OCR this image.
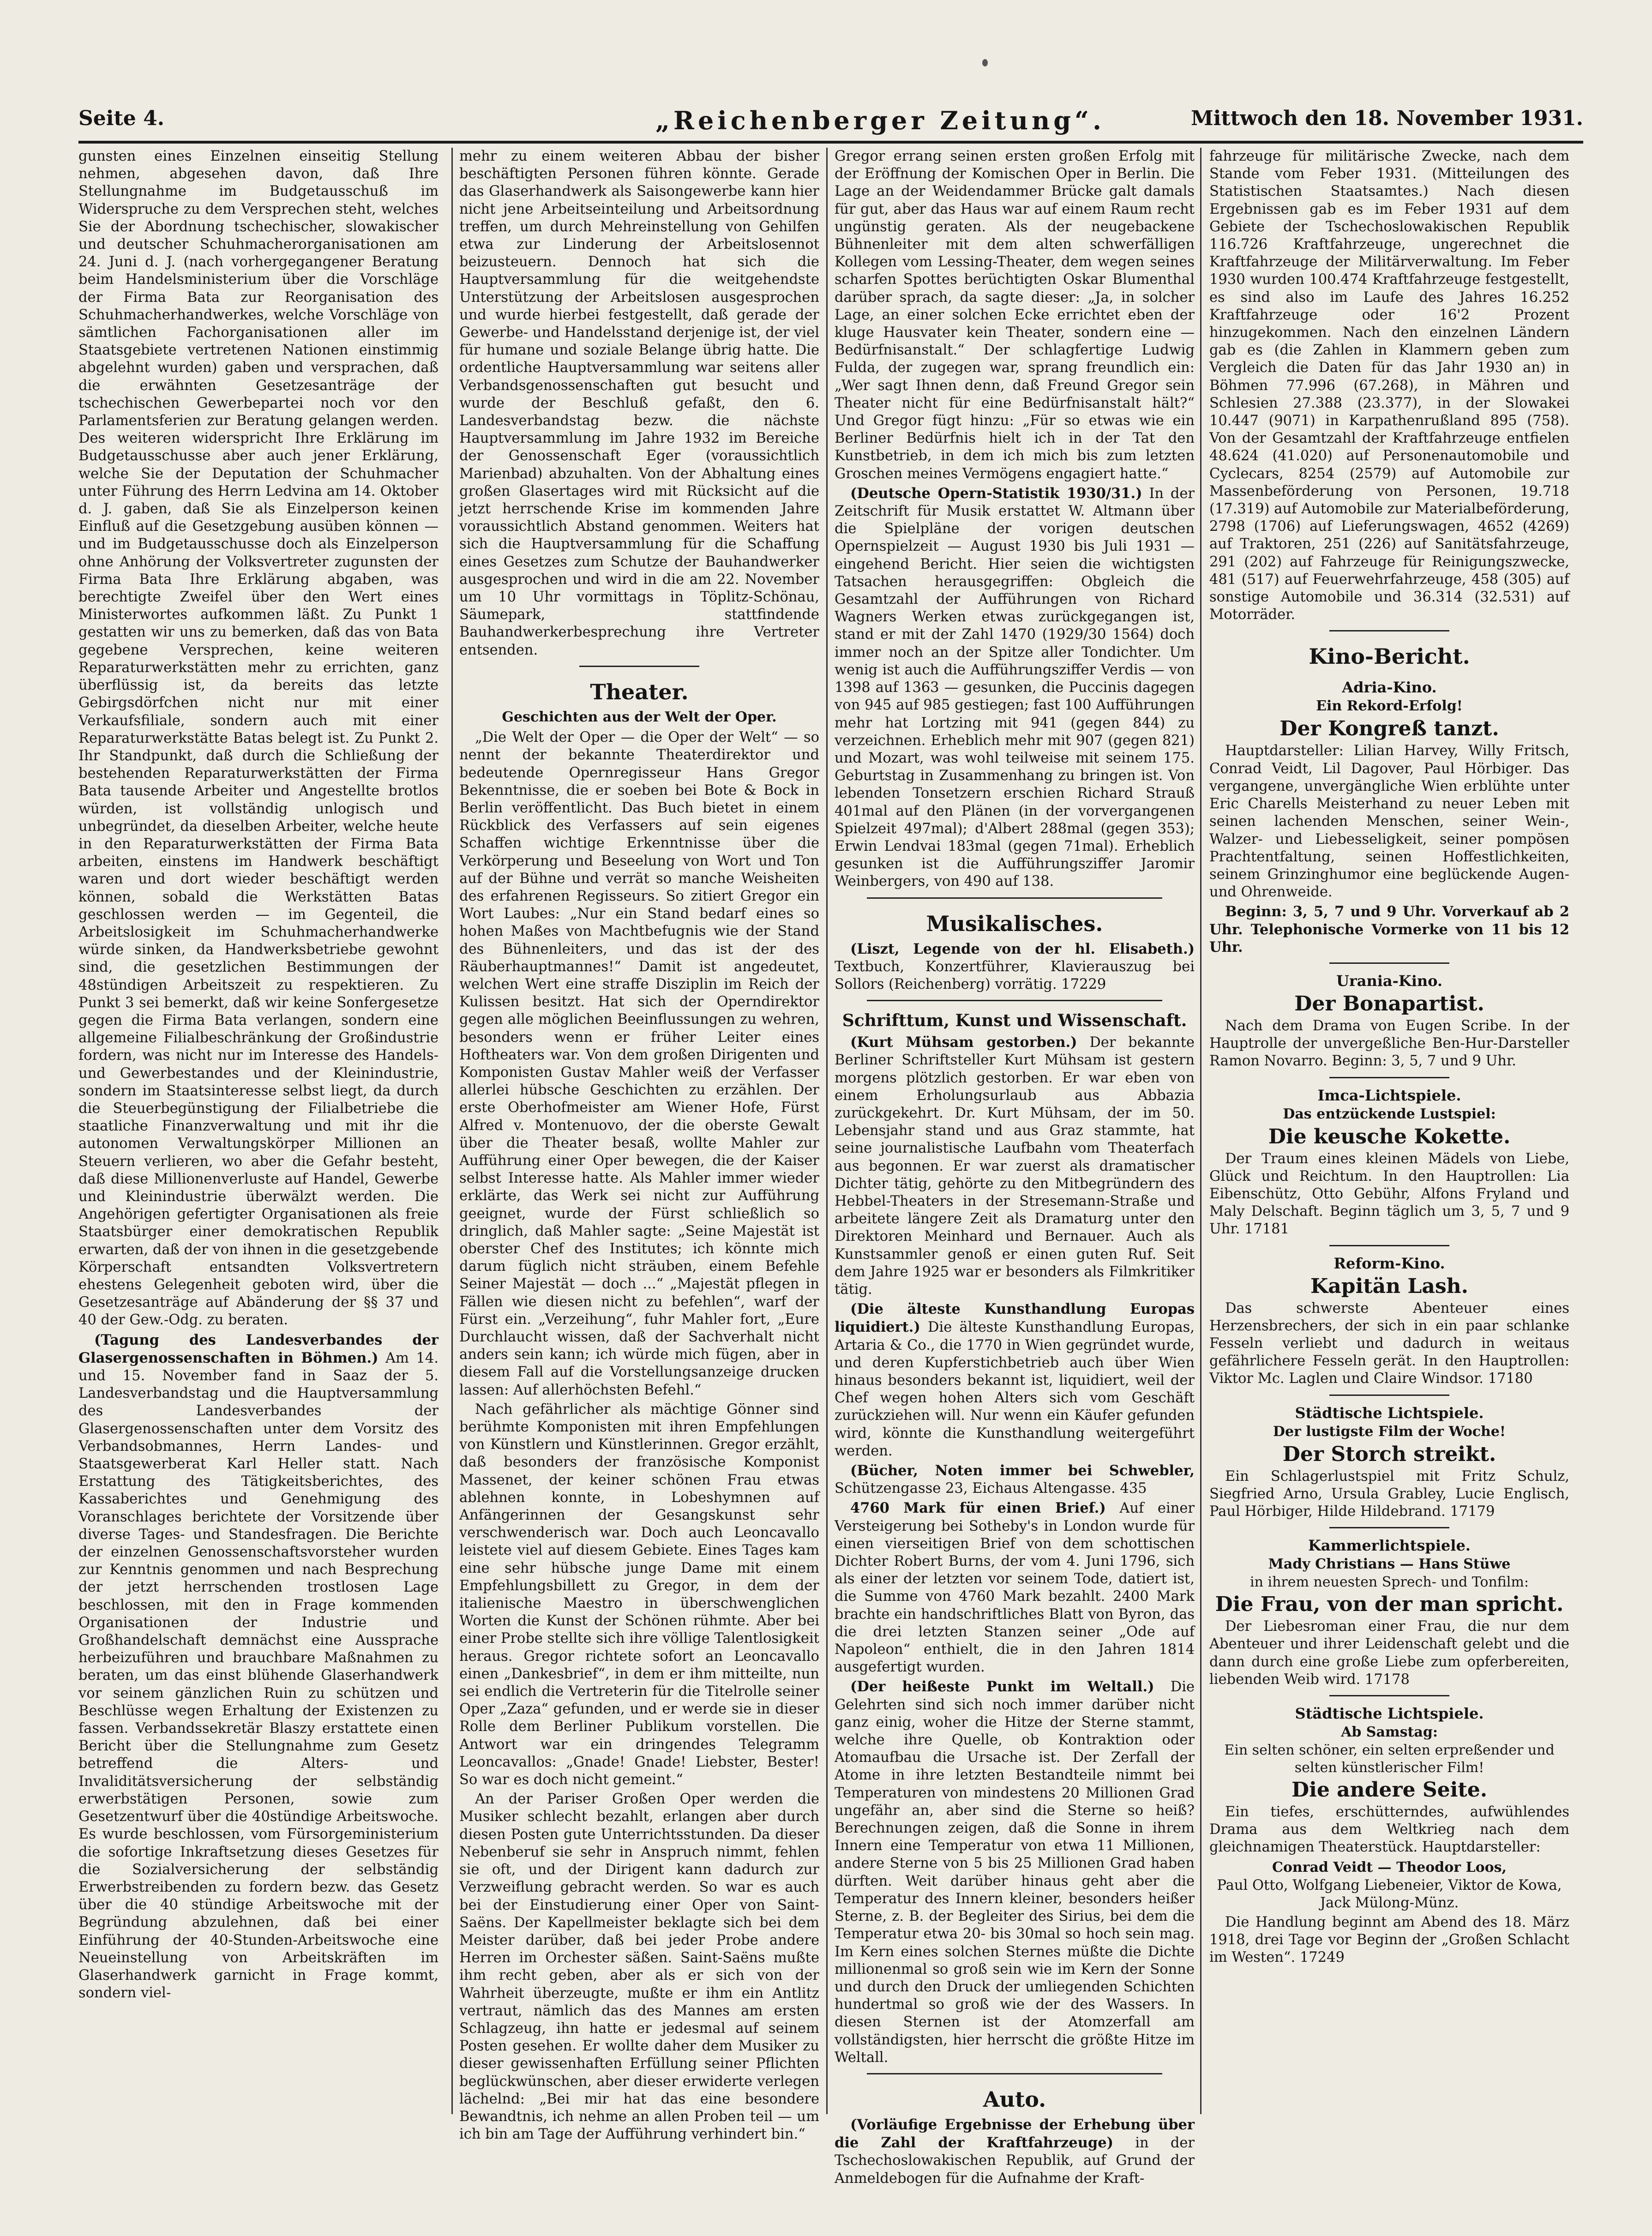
Seite 4.	„Reichenberger Zeitung“.	Mittwoch den 18. November 1931.

gunsten eines Einzelnen einseitig Stellung nehmen, abgesehen davon, daß Ihre Stellungnahme im Budgetausschuß im Widerspruche zu dem Versprechen steht, welches Sie der Abordnung tschechischer, slowakischer und deutscher Schuhmacherorganisationen am 24. Juni d. J. (nach vorhergegangener Beratung beim Handelsministerium über die Vorschläge der Firma Bata zur Reorganisation des Schuhmacherhandwerkes, welche Vorschläge von sämtlichen Fachorganisationen aller im Staatsgebiete vertretenen Nationen einstimmig abgelehnt wurden) gaben und versprachen, daß die erwähnten Gesetzesanträge der tschechischen Gewerbepartei noch vor den Parlamentsferien zur Beratung gelangen werden. Des weiteren widerspricht Ihre Erklärung im Budgetausschusse aber auch jener Erklärung, welche Sie der Deputation der Schuhmacher unter Führung des Herrn Ledvina am 14. Oktober d. J. gaben, daß Sie als Einzelperson keinen Einfluß auf die Gesetzgebung ausüben können — und im Budgetausschusse doch als Einzelperson ohne Anhörung der Volksvertreter zugunsten der Firma Bata Ihre Erklärung abgaben, was berechtigte Zweifel über den Wert eines Ministerwortes aufkommen läßt. Zu Punkt 1 gestatten wir uns zu bemerken, daß das von Bata gegebene Versprechen, keine weiteren Reparaturwerkstätten mehr zu errichten, ganz überflüssig ist, da bereits das letzte Gebirgsdörfchen nicht nur mit einer Verkaufsfiliale, sondern auch mit einer Reparaturwerkstätte Batas belegt ist. Zu Punkt 2. Ihr Standpunkt, daß durch die Schließung der bestehenden Reparaturwerkstätten der Firma Bata tausende Arbeiter und Angestellte brotlos würden, ist vollständig unlogisch und unbegründet, da dieselben Arbeiter, welche heute in den Reparaturwerkstätten der Firma Bata arbeiten, einstens im Handwerk beschäftigt waren und dort wieder beschäftigt werden können, sobald die Werkstätten Batas geschlossen werden — im Gegenteil, die Arbeitslosigkeit im Schuhmacherhandwerke würde sinken, da Handwerksbetriebe gewohnt sind, die gesetzlichen Bestimmungen der 48stündigen Arbeitszeit zu respektieren. Zu Punkt 3 sei bemerkt, daß wir keine Sonfergesetze gegen die Firma Bata verlangen, sondern eine allgemeine Filialbeschränkung der Großindustrie fordern, was nicht nur im Interesse des Handels- und Gewerbestandes und der Kleinindustrie, sondern im Staatsinteresse selbst liegt, da durch die Steuerbegünstigung der Filialbetriebe die staatliche Finanzverwaltung und mit ihr die autonomen Verwaltungskörper Millionen an Steuern verlieren, wo aber die Gefahr besteht, daß diese Millionenverluste auf Handel, Gewerbe und Kleinindustrie überwälzt werden. Die Angehörigen gefertigter Organisationen als freie Staatsbürger einer demokratischen Republik erwarten, daß der von ihnen in die gesetzgebende Körperschaft entsandten Volksvertretern ehestens Gelegenheit geboten wird, über die Gesetzesanträge auf Abänderung der §§ 37 und 40 der Gew.-Odg. zu beraten.

(Tagung des Landesverbandes der Glasergenossenschaften in Böhmen.) Am 14. und 15. November fand in Saaz der 5. Landesverbandstag und die Hauptversammlung des Landesverbandes der Glasergenossenschaften unter dem Vorsitz des Verbandsobmannes, Herrn Landes- und Staatsgewerberat Karl Heller statt. Nach Erstattung des Tätigkeitsberichtes, des Kassaberichtes und Genehmigung des Voranschlages berichtete der Vorsitzende über diverse Tages- und Standesfragen. Die Berichte der einzelnen Genossenschaftsvorsteher wurden zur Kenntnis genommen und nach Besprechung der jetzt herrschenden trostlosen Lage beschlossen, mit den in Frage kommenden Organisationen der Industrie und Großhandelschaft demnächst eine Aussprache herbeizuführen und brauchbare Maßnahmen zu beraten, um das einst blühende Glaserhandwerk vor seinem gänzlichen Ruin zu schützen und Beschlüsse wegen Erhaltung der Existenzen zu fassen. Verbandssekretär Blaszy erstattete einen Bericht über die Stellungnahme zum Gesetz betreffend die Alters- und Invaliditätsversicherung der selbständig erwerbstätigen Personen, sowie zum Gesetzentwurf über die 40stündige Arbeitswoche. Es wurde beschlossen, vom Fürsorgeministerium die sofortige Inkraftsetzung dieses Gesetzes für die Sozialversicherung der selbständig Erwerbstreibenden zu fordern bezw. das Gesetz über die 40 stündige Arbeitswoche mit der Begründung abzulehnen, daß bei einer Einführung der 40-Stunden-Arbeitswoche eine Neueinstellung von Arbeitskräften im Glaserhandwerk garnicht in Frage kommt, sondern viel-

mehr zu einem weiteren Abbau der bisher beschäftigten Personen führen könnte. Gerade das Glaserhandwerk als Saisongewerbe kann hier nicht jene Arbeitseinteilung und Arbeitsordnung treffen, um durch Mehreinstellung von Gehilfen etwa zur Linderung der Arbeitslosennot beizusteuern. Dennoch hat sich die Hauptversammlung für die weitgehendste Unterstützung der Arbeitslosen ausgesprochen und wurde hierbei festgestellt, daß gerade der Gewerbe- und Handelsstand derjenige ist, der viel für humane und soziale Belange übrig hatte. Die ordentliche Hauptversammlung war seitens aller Verbandsgenossenschaften gut besucht und wurde der Beschluß gefaßt, den 6. Landesverbandstag bezw. die nächste Hauptversammlung im Jahre 1932 im Bereiche der Genossenschaft Eger (voraussichtlich Marienbad) abzuhalten. Von der Abhaltung eines großen Glasertages wird mit Rücksicht auf die jetzt herrschende Krise im kommenden Jahre voraussichtlich Abstand genommen. Weiters hat sich die Hauptversammlung für die Schaffung eines Gesetzes zum Schutze der Bauhandwerker ausgesprochen und wird in die am 22. November um 10 Uhr vormittags in Töplitz-Schönau, Säumepark, stattfindende Bauhandwerkerbesprechung ihre Vertreter entsenden.

Theater.
Geschichten aus der Welt der Oper.

„Die Welt der Oper — die Oper der Welt“ — so nennt der bekannte Theaterdirektor und bedeutende Opernregisseur Hans Gregor Bekenntnisse, die er soeben bei Bote & Bock in Berlin veröffentlicht. Das Buch bietet in einem Rückblick des Verfassers auf sein eigenes Schaffen wichtige Erkenntnisse über die Verkörperung und Beseelung von Wort und Ton auf der Bühne und verrät so manche Weisheiten des erfahrenen Regisseurs. So zitiert Gregor ein Wort Laubes: „Nur ein Stand bedarf eines so hohen Maßes von Machtbefugnis wie der Stand des Bühnenleiters, und das ist der des Räuberhauptmannes!“ Damit ist angedeutet, welchen Wert eine straffe Disziplin im Reich der Kulissen besitzt. Hat sich der Operndirektor gegen alle möglichen Beeinflussungen zu wehren, besonders wenn er früher Leiter eines Hoftheaters war. Von dem großen Dirigenten und Komponisten Gustav Mahler weiß der Verfasser allerlei hübsche Geschichten zu erzählen. Der erste Oberhofmeister am Wiener Hofe, Fürst Alfred v. Montenuovo, der die oberste Gewalt über die Theater besaß, wollte Mahler zur Aufführung einer Oper bewegen, die der Kaiser selbst Interesse hatte. Als Mahler immer wieder erklärte, das Werk sei nicht zur Aufführung geeignet, wurde der Fürst schließlich so dringlich, daß Mahler sagte: „Seine Majestät ist oberster Chef des Institutes; ich könnte mich darum füglich nicht sträuben, einem Befehle Seiner Majestät — doch ...“ „Majestät pflegen in Fällen wie diesen nicht zu befehlen“, warf der Fürst ein. „Verzeihung“, fuhr Mahler fort, „Eure Durchlaucht wissen, daß der Sachverhalt nicht anders sein kann; ich würde mich fügen, aber in diesem Fall auf die Vorstellungsanzeige drucken lassen: Auf allerhöchsten Befehl.“

Nach gefährlicher als mächtige Gönner sind berühmte Komponisten mit ihren Empfehlungen von Künstlern und Künstlerinnen. Gregor erzählt, daß besonders der französische Komponist Massenet, der keiner schönen Frau etwas ablehnen konnte, in Lobeshymnen auf Anfängerinnen der Gesangskunst sehr verschwenderisch war. Doch auch Leoncavallo leistete viel auf diesem Gebiete. Eines Tages kam eine sehr hübsche junge Dame mit einem Empfehlungsbillett zu Gregor, in dem der italienische Maestro in überschwenglichen Worten die Kunst der Schönen rühmte. Aber bei einer Probe stellte sich ihre völlige Talentlosigkeit heraus. Gregor richtete sofort an Leoncavallo einen „Dankesbrief“, in dem er ihm mitteilte, nun sei endlich die Vertreterin für die Titelrolle seiner Oper „Zaza“ gefunden, und er werde sie in dieser Rolle dem Berliner Publikum vorstellen. Die Antwort war ein dringendes Telegramm Leoncavallos: „Gnade! Gnade! Liebster, Bester! So war es doch nicht gemeint.“

An der Pariser Großen Oper werden die Musiker schlecht bezahlt, erlangen aber durch diesen Posten gute Unterrichtsstunden. Da dieser Nebenberuf sie sehr in Anspruch nimmt, fehlen sie oft, und der Dirigent kann dadurch zur Verzweiflung gebracht werden. So war es auch bei der Einstudierung einer Oper von Saint-Saëns. Der Kapellmeister beklagte sich bei dem Meister darüber, daß bei jeder Probe andere Herren im Orchester säßen. Saint-Saëns mußte ihm recht geben, aber als er sich von der Wahrheit überzeugte, mußte er ihm ein Antlitz vertraut, nämlich das des Mannes am ersten Schlagzeug, ihn hatte er jedesmal auf seinem Posten gesehen. Er wollte daher dem Musiker zu dieser gewissenhaften Erfüllung seiner Pflichten beglückwünschen, aber dieser erwiderte verlegen lächelnd: „Bei mir hat das eine besondere Bewandtnis, ich nehme an allen Proben teil — um ich bin am Tage der Aufführung verhindert bin.“

Gregor errang seinen ersten großen Erfolg mit der Eröffnung der Komischen Oper in Berlin. Die Lage an der Weidendammer Brücke galt damals für gut, aber das Haus war auf einem Raum recht ungünstig geraten. Als der neugebackene Bühnenleiter mit dem alten schwerfälligen Kollegen vom Lessing-Theater, dem wegen seines scharfen Spottes berüchtigten Oskar Blumenthal darüber sprach, da sagte dieser: „Ja, in solcher Lage, an einer solchen Ecke errichtet eben der kluge Hausvater kein Theater, sondern eine — Bedürfnisanstalt.“ Der schlagfertige Ludwig Fulda, der zugegen war, sprang freundlich ein: „Wer sagt Ihnen denn, daß Freund Gregor sein Theater nicht für eine Bedürfnisanstalt hält?“ Und Gregor fügt hinzu: „Für so etwas wie ein Berliner Bedürfnis hielt ich in der Tat den Kunstbetrieb, in dem ich mich bis zum letzten Groschen meines Vermögens engagiert hatte.“

(Deutsche Opern-Statistik 1930/31.) In der Zeitschrift für Musik erstattet W. Altmann über die Spielpläne der vorigen deutschen Opernspielzeit — August 1930 bis Juli 1931 — eingehend Bericht. Hier seien die wichtigsten Tatsachen herausgegriffen: Obgleich die Gesamtzahl der Aufführungen von Richard Wagners Werken etwas zurückgegangen ist, stand er mit der Zahl 1470 (1929/30 1564) doch immer noch an der Spitze aller Tondichter. Um wenig ist auch die Aufführungsziffer Verdis — von 1398 auf 1363 — gesunken, die Puccinis dagegen von 945 auf 985 gestiegen; fast 100 Aufführungen mehr hat Lortzing mit 941 (gegen 844) zu verzeichnen. Erheblich mehr mit 907 (gegen 821) und Mozart, was wohl teilweise mit seinem 175. Geburtstag in Zusammenhang zu bringen ist. Von lebenden Tonsetzern erschien Richard Strauß 401mal auf den Plänen (in der vorvergangenen Spielzeit 497mal); d'Albert 288mal (gegen 353); Erwin Lendvai 183mal (gegen 71mal). Erheblich gesunken ist die Aufführungsziffer Jaromir Weinbergers, von 490 auf 138.

Musikalisches.

(Liszt, Legende von der hl. Elisabeth.) Textbuch, Konzertführer, Klavierauszug bei Sollors (Reichenberg) vorrätig. 17229

Schrifttum, Kunst und Wissenschaft.

(Kurt Mühsam gestorben.) Der bekannte Berliner Schriftsteller Kurt Mühsam ist gestern morgens plötzlich gestorben. Er war eben von einem Erholungsurlaub aus Abbazia zurückgekehrt. Dr. Kurt Mühsam, der im 50. Lebensjahr stand und aus Graz stammte, hat seine journalistische Laufbahn vom Theaterfach aus begonnen. Er war zuerst als dramatischer Dichter tätig, gehörte zu den Mitbegründern des Hebbel-Theaters in der Stresemann-Straße und arbeitete längere Zeit als Dramaturg unter den Direktoren Meinhard und Bernauer. Auch als Kunstsammler genoß er einen guten Ruf. Seit dem Jahre 1925 war er besonders als Filmkritiker tätig.

(Die älteste Kunsthandlung Europas liquidiert.) Die älteste Kunsthandlung Europas, Artaria & Co., die 1770 in Wien gegründet wurde, und deren Kupferstichbetrieb auch über Wien hinaus besonders bekannt ist, liquidiert, weil der Chef wegen hohen Alters sich vom Geschäft zurückziehen will. Nur wenn ein Käufer gefunden wird, könnte die Kunsthandlung weitergeführt werden.

(Bücher, Noten immer bei Schwebler, Schützengasse 23, Eichaus Altengasse. 435

4760 Mark für einen Brief.) Auf einer Versteigerung bei Sotheby's in London wurde für einen vierseitigen Brief von dem schottischen Dichter Robert Burns, der vom 4. Juni 1796, sich als einer der letzten vor seinem Tode, datiert ist, die Summe von 4760 Mark bezahlt. 2400 Mark brachte ein handschriftliches Blatt von Byron, das die drei letzten Stanzen seiner „Ode auf Napoleon“ enthielt, die in den Jahren 1814 ausgefertigt wurden.

(Der heißeste Punkt im Weltall.) Die Gelehrten sind sich noch immer darüber nicht ganz einig, woher die Hitze der Sterne stammt, welche ihre Quelle, ob Kontraktion oder Atomaufbau die Ursache ist. Der Zerfall der Atome in ihre letzten Bestandteile nimmt bei Temperaturen von mindestens 20 Millionen Grad ungefähr an, aber sind die Sterne so heiß? Berechnungen zeigen, daß die Sonne in ihrem Innern eine Temperatur von etwa 11 Millionen, andere Sterne von 5 bis 25 Millionen Grad haben dürften. Weit darüber hinaus geht aber die Temperatur des Innern kleiner, besonders heißer Sterne, z. B. der Begleiter des Sirius, bei dem die Temperatur etwa 20- bis 30mal so hoch sein mag. Im Kern eines solchen Sternes müßte die Dichte millionenmal so groß sein wie im Kern der Sonne und durch den Druck der umliegenden Schichten hundertmal so groß wie der des Wassers. In diesen Sternen ist der Atomzerfall am vollständigsten, hier herrscht die größte Hitze im Weltall.

Auto.

(Vorläufige Ergebnisse der Erhebung über die Zahl der Kraftfahrzeuge) in der Tschechoslowakischen Republik, auf Grund der Anmeldebogen für die Aufnahme der Kraft-

fahrzeuge für militärische Zwecke, nach dem Stande vom Feber 1931. (Mitteilungen des Statistischen Staatsamtes.) Nach diesen Ergebnissen gab es im Feber 1931 auf dem Gebiete der Tschechoslowakischen Republik 116.726 Kraftfahrzeuge, ungerechnet die Kraftfahrzeuge der Militärverwaltung. Im Feber 1930 wurden 100.474 Kraftfahrzeuge festgestellt, es sind also im Laufe des Jahres 16.252 Kraftfahrzeuge oder 16'2 Prozent hinzugekommen. Nach den einzelnen Ländern gab es (die Zahlen in Klammern geben zum Vergleich die Daten für das Jahr 1930 an) in Böhmen 77.996 (67.268), in Mähren und Schlesien 27.388 (23.377), in der Slowakei 10.447 (9071) in Karpathenrußland 895 (758). Von der Gesamtzahl der Kraftfahrzeuge entfielen 48.624 (41.020) auf Personenautomobile und Cyclecars, 8254 (2579) auf Automobile zur Massenbeförderung von Personen, 19.718 (17.319) auf Automobile zur Materialbeförderung, 2798 (1706) auf Lieferungswagen, 4652 (4269) auf Traktoren, 251 (226) auf Sanitätsfahrzeuge, 291 (202) auf Fahrzeuge für Reinigungszwecke, 481 (517) auf Feuerwehrfahrzeuge, 458 (305) auf sonstige Automobile und 36.314 (32.531) auf Motorräder.

Kino-Bericht.
Adria-Kino.
Ein Rekord-Erfolg!
Der Kongreß tanzt.

Hauptdarsteller: Lilian Harvey, Willy Fritsch, Conrad Veidt, Lil Dagover, Paul Hörbiger. Das vergangene, unvergängliche Wien erblühte unter Eric Charells Meisterhand zu neuer Leben mit seinen lachenden Menschen, seiner Wein-, Walzer- und Liebesseligkeit, seiner pompösen Prachtentfaltung, seinen Hoffestlichkeiten, seinem Grinzinghumor eine beglückende Augen- und Ohrenweide.

Beginn: 3, 5, 7 und 9 Uhr. Vorverkauf ab 2 Uhr. Telephonische Vormerke von 11 bis 12 Uhr.

Urania-Kino.
Der Bonapartist.

Nach dem Drama von Eugen Scribe. In der Hauptrolle der unvergeßliche Ben-Hur-Darsteller Ramon Novarro. Beginn: 3, 5, 7 und 9 Uhr.

Imca-Lichtspiele.
Das entzückende Lustspiel:
Die keusche Kokette.

Der Traum eines kleinen Mädels von Liebe, Glück und Reichtum. In den Hauptrollen: Lia Eibenschütz, Otto Gebühr, Alfons Fryland und Maly Delschaft. Beginn täglich um 3, 5, 7 und 9 Uhr. 17181

Reform-Kino.
Kapitän Lash.

Das schwerste Abenteuer eines Herzensbrechers, der sich in ein paar schlanke Fesseln verliebt und dadurch in weitaus gefährlichere Fesseln gerät. In den Hauptrollen: Viktor Mc. Laglen und Claire Windsor. 17180

Städtische Lichtspiele.
Der lustigste Film der Woche!
Der Storch streikt.

Ein Schlagerlustspiel mit Fritz Schulz, Siegfried Arno, Ursula Grabley, Lucie Englisch, Paul Hörbiger, Hilde Hildebrand. 17179

Kammerlichtspiele.
Mady Christians — Hans Stüwe
in ihrem neuesten Sprech- und Tonfilm:
Die Frau, von der man spricht.

Der Liebesroman einer Frau, die nur dem Abenteuer und ihrer Leidenschaft gelebt und die dann durch eine große Liebe zum opferbereiten, liebenden Weib wird. 17178

Städtische Lichtspiele.
Ab Samstag:
Ein selten schöner, ein selten erpreßender und selten künstlerischer Film!
Die andere Seite.

Ein tiefes, erschütterndes, aufwühlendes Drama aus dem Weltkrieg nach dem gleichnamigen Theaterstück. Hauptdarsteller:

Conrad Veidt — Theodor Loos,

Paul Otto, Wolfgang Liebeneier, Viktor de Kowa, Jack Mülong-Münz.

Die Handlung beginnt am Abend des 18. März 1918, drei Tage vor Beginn der „Großen Schlacht im Westen“. 17249
